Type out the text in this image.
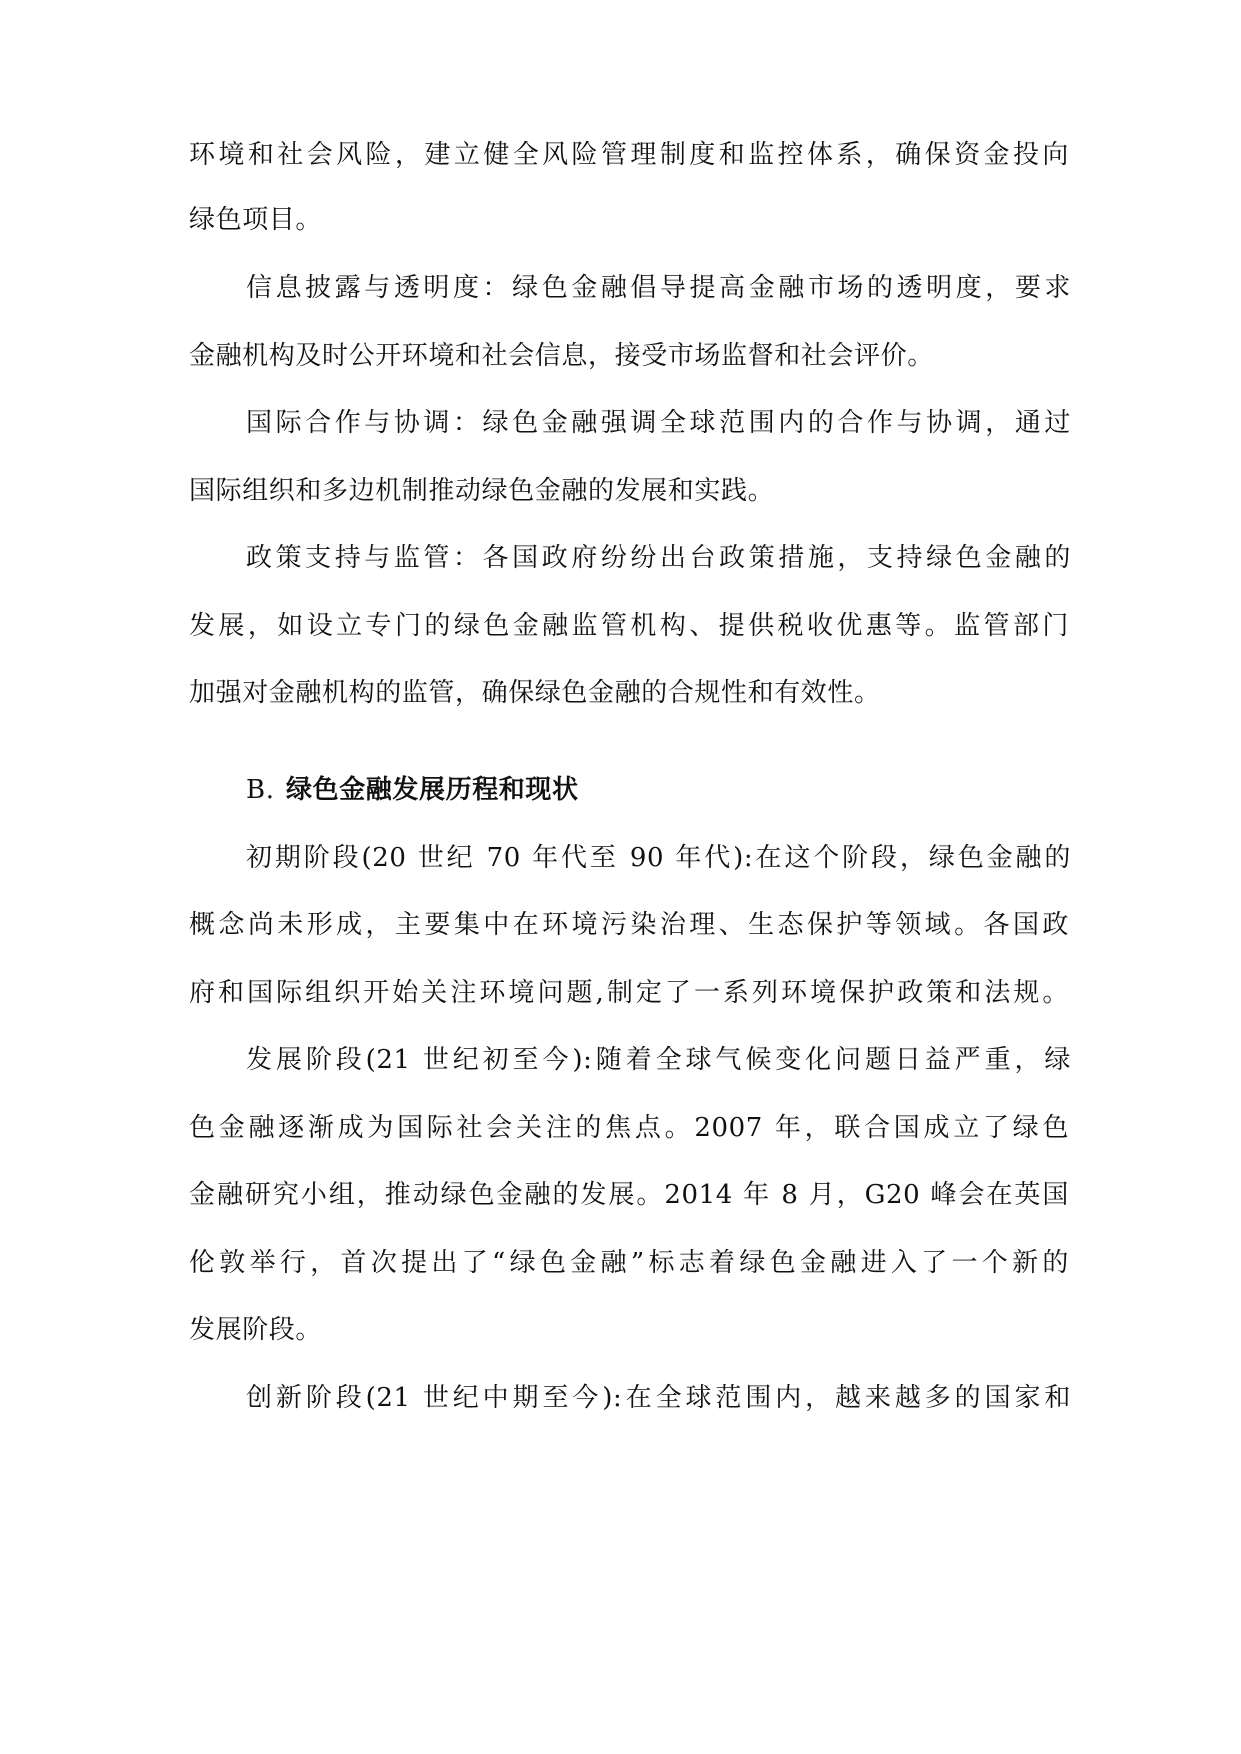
环境和社会风险，建立健全风险管理制度和监控体系，确保资金投向
绿色项目。
信息披露与透明度：绿色金融倡导提高金融市场的透明度，要求
金融机构及时公开环境和社会信息，接受市场监督和社会评价。
国际合作与协调：绿色金融强调全球范围内的合作与协调，通过
国际组织和多边机制推动绿色金融的发展和实践。
政策支持与监管：各国政府纷纷出台政策措施，支持绿色金融的
发展，如设立专门的绿色金融监管机构、提供税收优惠等。监管部门
加强对金融机构的监管，确保绿色金融的合规性和有效性。
B. 绿色金融发展历程和现状
初期阶段(20 世纪 70 年代至 90 年代):在这个阶段，绿色金融的
概念尚未形成，主要集中在环境污染治理、生态保护等领域。各国政
府和国际组织开始关注环境问题,制定了一系列环境保护政策和法规。
发展阶段(21 世纪初至今):随着全球气候变化问题日益严重，绿
色金融逐渐成为国际社会关注的焦点。2007 年，联合国成立了绿色
金融研究小组，推动绿色金融的发展。2014 年 8 月，G20 峰会在英国
伦敦举行，首次提出了“绿色金融”标志着绿色金融进入了一个新的
发展阶段。
创新阶段(21 世纪中期至今):在全球范围内，越来越多的国家和
